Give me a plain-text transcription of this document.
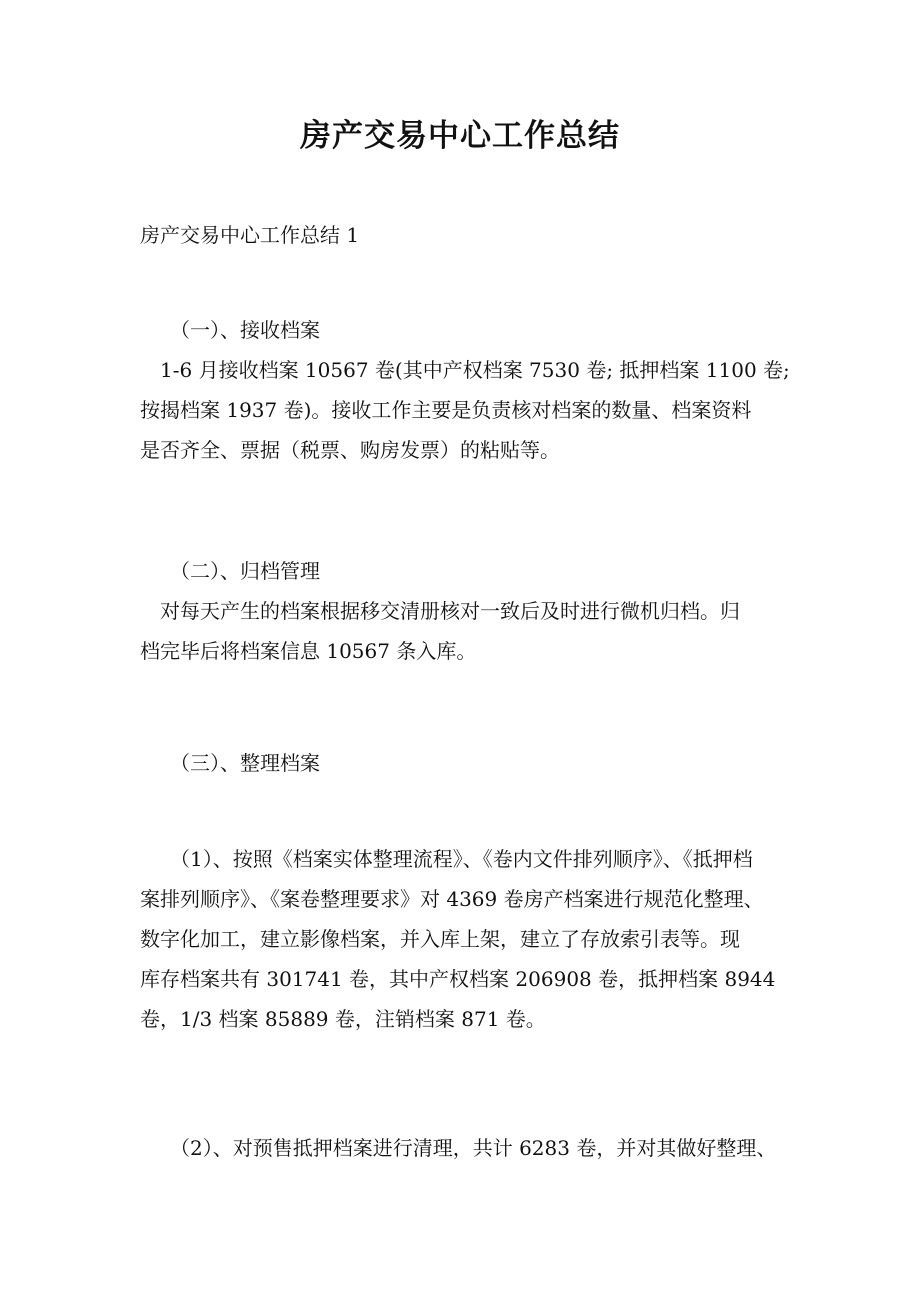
房产交易中心工作总结
房产交易中心工作总结 1
（一）、接收档案
1-6 月接收档案 10567 卷(其中产权档案 7530 卷; 抵押档案 1100 卷;
按揭档案 1937 卷)。接收工作主要是负责核对档案的数量、档案资料
是否齐全、票据（税票、购房发票）的粘贴等。
（二）、归档管理
对每天产生的档案根据移交清册核对一致后及时进行微机归档。归
档完毕后将档案信息 10567 条入库。
（三）、整理档案
（1）、按照《档案实体整理流程》、《卷内文件排列顺序》、《抵押档
案排列顺序》、《案卷整理要求》对 4369 卷房产档案进行规范化整理、
数字化加工，建立影像档案，并入库上架，建立了存放索引表等。现
库存档案共有 301741 卷，其中产权档案 206908 卷，抵押档案 8944
卷，1/3 档案 85889 卷，注销档案 871 卷。
（2）、对预售抵押档案进行清理，共计 6283 卷，并对其做好整理、
